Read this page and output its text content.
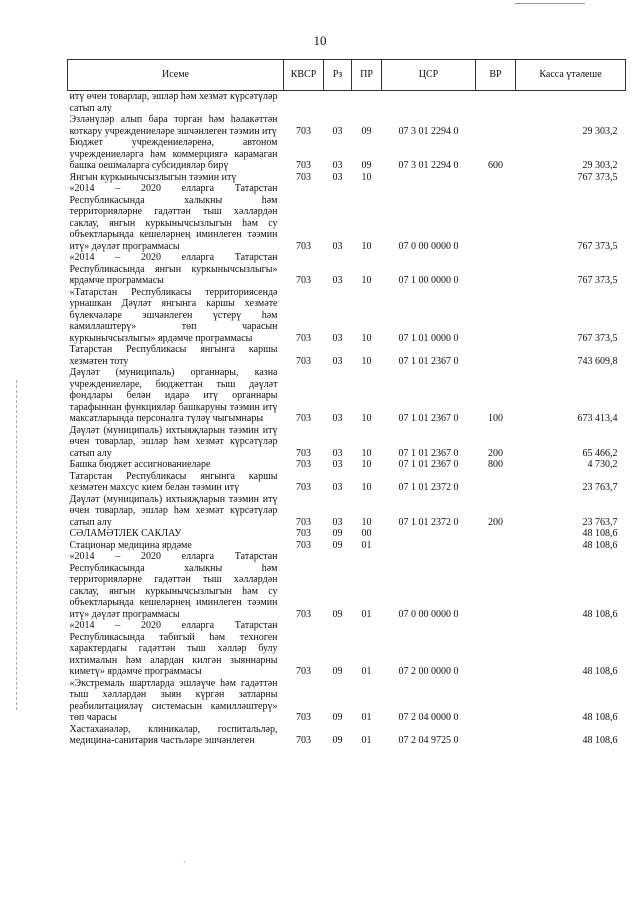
10
Исеме	КВСР	Рз	ПР	ЦСР	ВР	Касса үтәлеше
итү өчен товарлар, эшләр һәм хезмәт күрсәтүләр сатып алу						
Эзләнүләр алып бара торган һәм һәлакәттән коткару учреждениеләре эшчәнлеген тәэмин итү	703	03	09	07 3 01 2294 0		29 303,2
Бюджет учреждениеләренә, автоном учреждениеләргә һәм коммерциягә карамаган башка оешмаларга субсидияләр бирү	703	03	09	07 3 01 2294 0	600	29 303,2
Янгын куркынычсызлыгын тәэмин итү	703	03	10			767 373,5
«2014 – 2020 елларга Татарстан Республикасында халыкны һәм территорияләрне гадәттән тыш хәлләрдән саклау, янгын куркынычсызлыгын һәм су объектларында кешеләрнең иминлеген тәэмин итү» дәүләт программасы	703	03	10	07 0 00 0000 0		767 373,5
«2014 – 2020 елларга Татарстан Республикасында янгын куркынычсызлыгы» ярдәмче программасы	703	03	10	07 1 00 0000 0		767 373,5
«Татарстан Республикасы территориясендә урнашкан Дәүләт янгынга каршы хезмәте бүлекчәләре эшчәнлеген үстерү һәм камилләштерү» төп чарасын куркынычсызлыгы» ярдәмче программасы	703	03	10	07 1 01 0000 0		767 373,5
Татарстан Республикасы янгынга каршы хезмәтен тоту	703	03	10	07 1 01 2367 0		743 609,8
Дәүләт (муниципаль) органнары, казна учреждениеләре, бюджеттан тыш дәүләт фондлары белән идарә итү органнары тарафыннан функцияләр башкаруны тәэмин итү максатларында персоналга түләү чыгымнары	703	03	10	07 1 01 2367 0	100	673 413,4
Дәүләт (муниципаль) ихтыяҗларын тәэмин итү өчен товарлар, эшләр һәм хезмәт күрсәтүләр сатып алу	703	03	10	07 1 01 2367 0	200	65 466,2
Башка бюджет ассигнованиеләре	703	03	10	07 1 01 2367 0	800	4 730,2
Татарстан Республикасы янгынга каршы хезмәтен махсус кием белән тәэмин итү	703	03	10	07 1 01 2372 0		23 763,7
Дәүләт (муниципаль) ихтыяҗларын тәэмин итү өчен товарлар, эшләр һәм хезмәт күрсәтүләр сатып алу	703	03	10	07 1 01 2372 0	200	23 763,7
СӘЛАМӘТЛЕК САКЛАУ	703	09	00			48 108,6
Стационар медицина ярдәме	703	09	01			48 108,6
«2014 – 2020 елларга Татарстан Республикасында халыкны һәм территорияләрне гадәттән тыш хәлләрдән саклау, янгын куркынычсызлыгын һәм су объектларында кешеләрнең иминлеген тәэмин итү» дәүләт программасы	703	09	01	07 0 00 0000 0		48 108,6
«2014 – 2020 елларга Татарстан Республикасында табигый һәм техноген характердагы гадәттән тыш хәлләр булу ихтималын һәм алардан килгән зыяннарны киметү» ярдәмче программасы	703	09	01	07 2 00 0000 0		48 108,6
«Экстремаль шартларда эшләүче һәм гадәттән тыш хәлләрдән зыян күргән затларны реабилитацияләү системасын камилләштерү» төп чарасы	703	09	01	07 2 04 0000 0		48 108,6
Хастаханәләр, клиникалар, госпитальләр, медицина-санитария частьләре эшчәнлеген	703	09	01	07 2 04 9725 0		48 108,6
·
